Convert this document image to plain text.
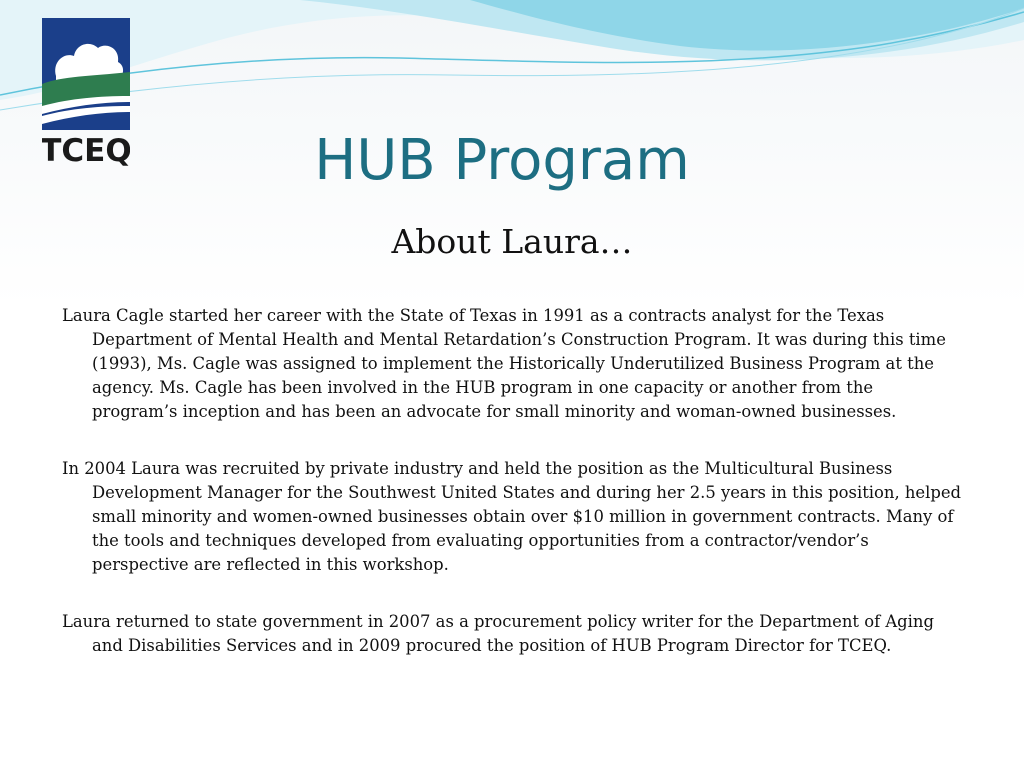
TCEQ	HUB Program
About Laura…

Laura Cagle started her career with the State of Texas in 1991 as a contracts analyst for the Texas Department of Mental Health and Mental Retardation’s Construction Program. It was during this time (1993), Ms. Cagle was assigned to implement the Historically Underutilized Business Program at the agency. Ms. Cagle has been involved in the HUB program in one capacity or another from the program’s inception and has been an advocate for small minority and woman-owned businesses.

In 2004 Laura was recruited by private industry and held the position as the Multicultural Business Development Manager for the Southwest United States and during her 2.5 years in this position, helped small minority and women-owned businesses obtain over $10 million in government contracts. Many of the tools and techniques developed from evaluating opportunities from a contractor/vendor’s perspective are reflected in this workshop.

Laura returned to state government in 2007 as a procurement policy writer for the Department of Aging and Disabilities Services and in 2009 procured the position of HUB Program Director for TCEQ.
